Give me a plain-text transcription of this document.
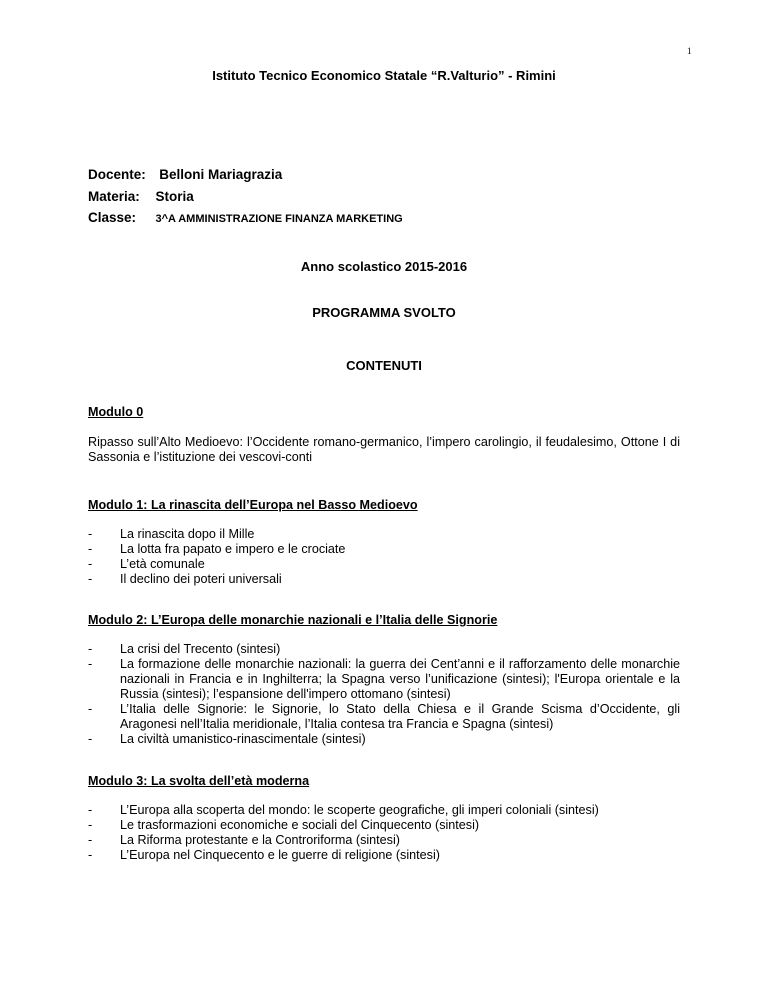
1
Istituto Tecnico Economico Statale “R.Valturio” - Rimini
Docente: Belloni Mariagrazia
Materia: Storia
Classe: 3^A AMMINISTRAZIONE FINANZA MARKETING
Anno scolastico 2015-2016
PROGRAMMA SVOLTO
CONTENUTI
Modulo 0
Ripasso sull’Alto Medioevo: l’Occidente romano-germanico, l’impero carolingio, il feudalesimo, Ottone I di Sassonia e l’istituzione dei vescovi-conti
Modulo 1: La rinascita dell’Europa nel Basso Medioevo
- La rinascita dopo il Mille
- La lotta fra papato e impero e le crociate
- L’età comunale
- Il declino dei poteri universali
Modulo 2: L’Europa delle monarchie nazionali e l’Italia delle Signorie
- La crisi del Trecento (sintesi)
- La formazione delle monarchie nazionali: la guerra dei Cent’anni e il rafforzamento delle monarchie nazionali in Francia e in Inghilterra; la Spagna verso l’unificazione (sintesi); l'Europa orientale e la Russia (sintesi); l’espansione dell'impero ottomano (sintesi)
- L’Italia delle Signorie: le Signorie, lo Stato della Chiesa e il Grande Scisma d’Occidente, gli Aragonesi nell’Italia meridionale, l’Italia contesa tra Francia e Spagna (sintesi)
- La civiltà umanistico-rinascimentale (sintesi)
Modulo 3: La svolta dell’età moderna
- L’Europa alla scoperta del mondo: le scoperte geografiche, gli imperi coloniali (sintesi)
- Le trasformazioni economiche e sociali del Cinquecento (sintesi)
- La Riforma protestante e la Controriforma (sintesi)
- L’Europa nel Cinquecento e le guerre di religione (sintesi)
